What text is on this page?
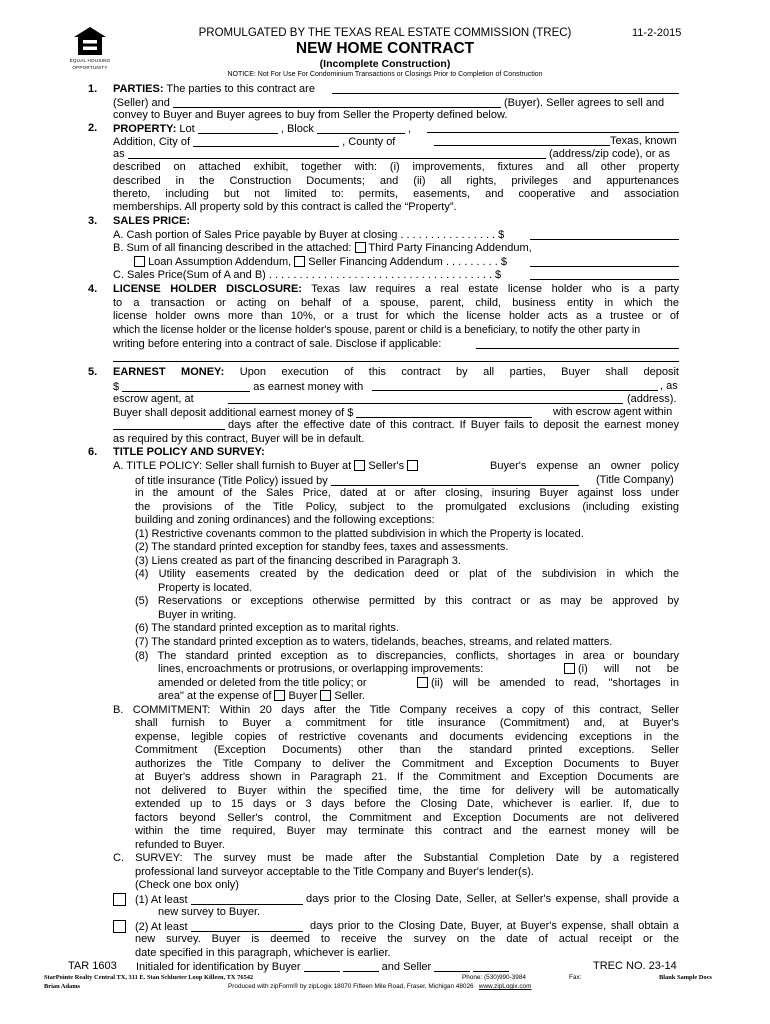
EQUAL HOUSING
OPPORTUNITY
PROMULGATED BY THE TEXAS REAL ESTATE COMMISSION (TREC)	11-2-2015
NEW HOME CONTRACT
(Incomplete Construction)
NOTICE: Not For Use For Condominium Transactions or Closings Prior to Completion of Construction
1. PARTIES: The parties to this contract are
(Seller) and	(Buyer). Seller agrees to sell and
convey to Buyer and Buyer agrees to buy from Seller the Property defined below.
2. PROPERTY: Lot	, Block	,
Addition, City of	, County of	Texas, known
as	(address/zip code), or as
described on attached exhibit, together with: (i) improvements, fixtures and all other property
described in the Construction Documents; and (ii) all rights, privileges and appurtenances
thereto, including but not limited to: permits, easements, and cooperative and association
memberships. All property sold by this contract is called the “Property”.
3. SALES PRICE:
A. Cash portion of Sales Price payable by Buyer at closing . . . . . . . . . . . . . . . . $
B. Sum of all financing described in the attached: Third Party Financing Addendum,
Loan Assumption Addendum, Seller Financing Addendum . . . . . . . . . $
C. Sales Price(Sum of A and B) . . . . . . . . . . . . . . . . . . . . . . . . . . . . . . . . . . . . . $
4. LICENSE HOLDER DISCLOSURE: Texas law requires a real estate license holder who is a party
to a transaction or acting on behalf of a spouse, parent, child, business entity in which the
license holder owns more than 10%, or a trust for which the license holder acts as a trustee or of
which the license holder or the license holder's spouse, parent or child is a beneficiary, to notify the other party in
writing before entering into a contract of sale. Disclose if applicable:
5. EARNEST MONEY: Upon execution of this contract by all parties, Buyer shall deposit
$	as earnest money with	, as
escrow agent, at	(address).
Buyer shall deposit additional earnest money of $	with escrow agent within
days after the effective date of this contract. If Buyer fails to deposit the earnest money
as required by this contract, Buyer will be in default.
6. TITLE POLICY AND SURVEY:
A. TITLE POLICY: Seller shall furnish to Buyer at Seller's	Buyer's expense an owner policy
of title insurance (Title Policy) issued by	(Title Company)
in the amount of the Sales Price, dated at or after closing, insuring Buyer against loss under
the provisions of the Title Policy, subject to the promulgated exclusions (including existing
building and zoning ordinances) and the following exceptions:
(1) Restrictive covenants common to the platted subdivision in which the Property is located.
(2) The standard printed exception for standby fees, taxes and assessments.
(3) Liens created as part of the financing described in Paragraph 3.
(4) Utility easements created by the dedication deed or plat of the subdivision in which the
Property is located.
(5) Reservations or exceptions otherwise permitted by this contract or as may be approved by
Buyer in writing.
(6) The standard printed exception as to marital rights.
(7) The standard printed exception as to waters, tidelands, beaches, streams, and related matters.
(8) The standard printed exception as to discrepancies, conflicts, shortages in area or boundary
lines, encroachments or protrusions, or overlapping improvements:	(i) will not be
amended or deleted from the title policy; or	(ii) will be amended to read, "shortages in
area" at the expense of Buyer Seller.
B. COMMITMENT: Within 20 days after the Title Company receives a copy of this contract, Seller
shall furnish to Buyer a commitment for title insurance (Commitment) and, at Buyer's
expense, legible copies of restrictive covenants and documents evidencing exceptions in the
Commitment (Exception Documents) other than the standard printed exceptions. Seller
authorizes the Title Company to deliver the Commitment and Exception Documents to Buyer
at Buyer's address shown in Paragraph 21. If the Commitment and Exception Documents are
not delivered to Buyer within the specified time, the time for delivery will be automatically
extended up to 15 days or 3 days before the Closing Date, whichever is earlier. If, due to
factors beyond Seller's control, the Commitment and Exception Documents are not delivered
within the time required, Buyer may terminate this contract and the earnest money will be
refunded to Buyer.
C. SURVEY: The survey must be made after the Substantial Completion Date by a registered
professional land surveyor acceptable to the Title Company and Buyer's lender(s).
(Check one box only)
(1) At least	days prior to the Closing Date, Seller, at Seller's expense, shall provide a
new survey to Buyer.
(2) At least	days prior to the Closing Date, Buyer, at Buyer's expense, shall obtain a
new survey. Buyer is deemed to receive the survey on the date of actual receipt or the
date specified in this paragraph, whichever is earlier.
TAR 1603 Initialed for identification by Buyer	and Seller	TREC NO. 23-14
StarPointe Realty Central TX, 311 E. Stan Schlueter Loop Killeen, TX 76542	Phone: (530)990-3984	Fax:	Blank Sample Docs
Brian Adams	Produced with zipForm® by zipLogix 18070 Fifteen Mile Road, Fraser, Michigan 48026 www.zipLogix.com
